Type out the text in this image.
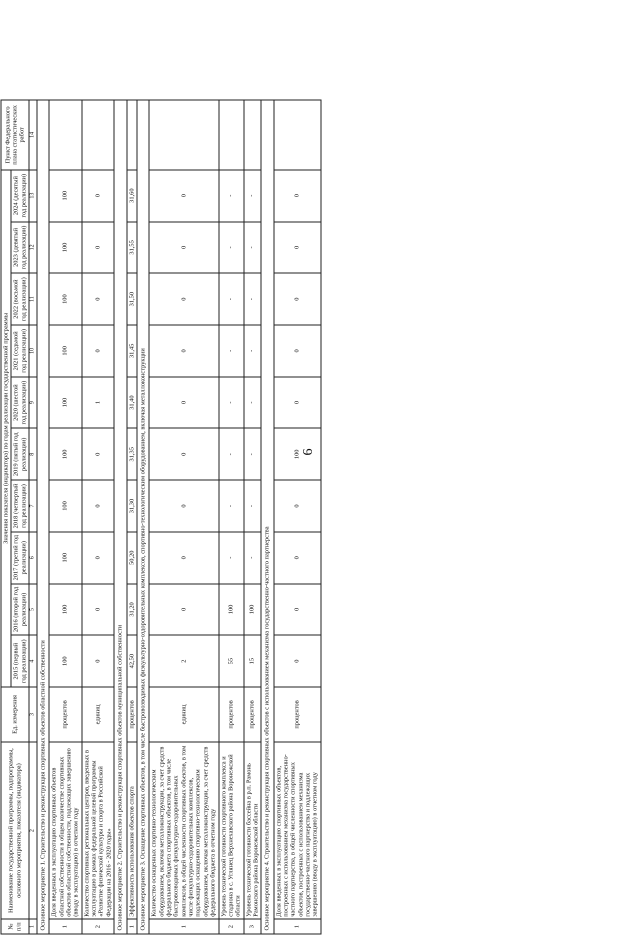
6
№ п/п	Наименование государственной программы, подпрограммы, основного мероприятия, показателя (индикатора)	Ед. измерения	Значения показателя (индикатора) по годам реализации государственной программы										Пункт Федерального плана статистических работ
			2015 (первый год реализации)	2016 (второй год реализации)	2017 (третий год реализации)	2018 (четвертый год реализации)	2019 (пятый год реализации)	2020 (шестой год реализации)	2021 (седьмой год реализации)	2022 (восьмой год реализации)	2023 (девятый год реализации)	2024 (десятый год реализации)	
1	2	3	4	5	6	7	8	9	10	11	12	13	14
Основное мероприятие 1. Строительство и реконструкция спортивных объектов областной собственности													
1	Доля введенных в эксплуатацию спортивных объектов областной собственности в общем количестве спортивных объектов областной собственности, подлежащих завершению (вводу в эксплуатацию) в отчетном году	процентов	100	100	100	100	100	100	100	100	100	100	
2	Количество спортивных региональных центров, введенных в эксплуатацию в рамках федеральной целевой программы «Развитие физической культуры и спорта в Российской Федерации на 2016 - 2020 годы»	единиц	0	0	0	0	0	1	0	0	0	0	
Основное мероприятие 2. Строительство и реконструкция спортивных объектов муниципальной собственности													
1	Эффективность использования объектов спорта	процентов	42,50	31,20	50,20	31,30	31,35	31,40	31,45	31,50	31,55	31,60	
Основное мероприятие 3. Оснащение спортивных объектов, в том числе быстровозводимых физкультурно-оздоровительных комплексов, спортивно-технологическим оборудованием, включая металлоконструкции													
1	Количество оснащенных спортивно-технологическим оборудованием, включая металлоконструкции, за счет средств федерального бюджета спортивных объектов, в том числе быстровозводимых физкультурно-оздоровительных комплексов, в общей численности спортивных объектов, в том числе физкультурно-оздоровительных комплексов, подлежащих оснащению спортивно-технологическим оборудованием, включая металлоконструкции, за счет средств федерального бюджета в отчетном году	единиц	2	0	0	0	0	0	0	0	0	0	
2	Уровень технической готовности спортивного комплекса и стадиона в с. Углянец Верхнехавского района Воронежской области	процентов	55	100	-	-	-	-	-	-	-	-	
3	Уровень технической готовности бассейна в р.п. Рамонь Рамонского района Воронежской области	процентов	15	100	-	-	-	-	-	-	-	-	
Основное мероприятие 4. Строительство и реконструкция спортивных объектов с использованием механизма государственно-частного партнерства													
1	Доля введенных в эксплуатацию спортивных объектов, построенных с использованием механизма государственно-частного партнерства, в общей численности спортивных объектов, построенных с использованием механизма государственно-частного партнерства и подлежащих завершению (вводу в эксплуатацию) в отчетном году	процентов	0	0	0	0	100	0	0	0	0	0	
